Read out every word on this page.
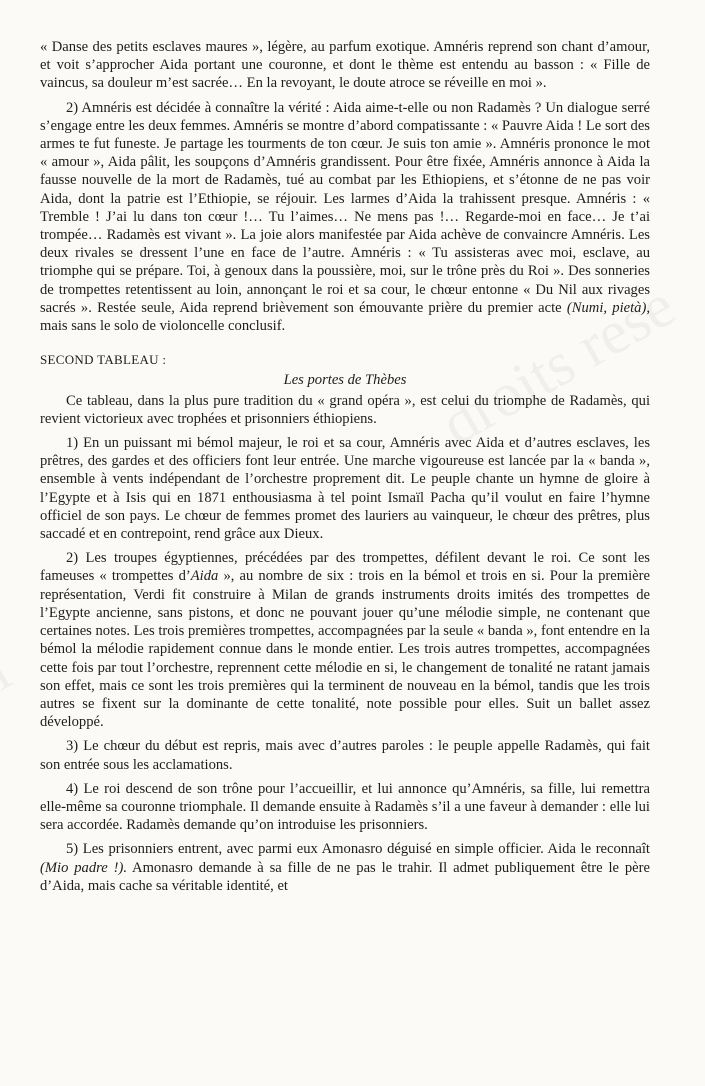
« Danse des petits esclaves maures », légère, au parfum exotique. Amnéris reprend son chant d’amour, et voit s’approcher Aida portant une couronne, et dont le thème est entendu au basson : « Fille de vaincus, sa douleur m’est sacrée… En la revoyant, le doute atroce se réveille en moi ».

2) Amnéris est décidée à connaître la vérité : Aida aime-t-elle ou non Radamès ? Un dialogue serré s’engage entre les deux femmes. Amnéris se montre d’abord compatissante : « Pauvre Aida ! Le sort des armes te fut funeste. Je partage les tourments de ton cœur. Je suis ton amie ». Amnéris prononce le mot « amour », Aida pâlit, les soupçons d’Amnéris grandissent. Pour être fixée, Amnéris annonce à Aida la fausse nouvelle de la mort de Radamès, tué au combat par les Ethiopiens, et s’étonne de ne pas voir Aida, dont la patrie est l’Ethiopie, se réjouir. Les larmes d’Aida la trahissent presque. Amnéris : « Tremble ! J’ai lu dans ton cœur !… Tu l’aimes… Ne mens pas !… Regarde-moi en face… Je t’ai trompée… Radamès est vivant ». La joie alors manifestée par Aida achève de convaincre Amnéris. Les deux rivales se dressent l’une en face de l’autre. Amnéris : « Tu assisteras avec moi, esclave, au triomphe qui se prépare. Toi, à genoux dans la poussière, moi, sur le trône près du Roi ». Des sonneries de trompettes retentissent au loin, annonçant le roi et sa cour, le chœur entonne « Du Nil aux rivages sacrés ». Restée seule, Aida reprend brièvement son émouvante prière du premier acte (Numi, pietà), mais sans le solo de violoncelle conclusif.

SECOND TABLEAU :
Les portes de Thèbes

Ce tableau, dans la plus pure tradition du « grand opéra », est celui du triomphe de Radamès, qui revient victorieux avec trophées et prisonniers éthiopiens.

1) En un puissant mi bémol majeur, le roi et sa cour, Amnéris avec Aida et d’autres esclaves, les prêtres, des gardes et des officiers font leur entrée. Une marche vigoureuse est lancée par la « banda », ensemble à vents indépendant de l’orchestre proprement dit. Le peuple chante un hymne de gloire à l’Egypte et à Isis qui en 1871 enthousiasma à tel point Ismaïl Pacha qu’il voulut en faire l’hymne officiel de son pays. Le chœur de femmes promet des lauriers au vainqueur, le chœur des prêtres, plus saccadé et en contrepoint, rend grâce aux Dieux.

2) Les troupes égyptiennes, précédées par des trompettes, défilent devant le roi. Ce sont les fameuses « trompettes d’Aida », au nombre de six : trois en la bémol et trois en si. Pour la première représentation, Verdi fit construire à Milan de grands instruments droits imités des trompettes de l’Egypte ancienne, sans pistons, et donc ne pouvant jouer qu’une mélodie simple, ne contenant que certaines notes. Les trois premières trompettes, accompagnées par la seule « banda », font entendre en la bémol la mélodie rapidement connue dans le monde entier. Les trois autres trompettes, accompagnées cette fois par tout l’orchestre, reprennent cette mélodie en si, le changement de tonalité ne ratant jamais son effet, mais ce sont les trois premières qui la terminent de nouveau en la bémol, tandis que les trois autres se fixent sur la dominante de cette tonalité, note possible pour elles. Suit un ballet assez développé.

3) Le chœur du début est repris, mais avec d’autres paroles : le peuple appelle Radamès, qui fait son entrée sous les acclamations.

4) Le roi descend de son trône pour l’accueillir, et lui annonce qu’Amnéris, sa fille, lui remettra elle-même sa couronne triomphale. Il demande ensuite à Radamès s’il a une faveur à demander : elle lui sera accordée. Radamès demande qu’on introduise les prisonniers.

5) Les prisonniers entrent, avec parmi eux Amonasro déguisé en simple officier. Aida le reconnaît (Mio padre !). Amonasro demande à sa fille de ne pas le trahir. Il admet publiquement être le père d’Aida, mais cache sa véritable identité, et
